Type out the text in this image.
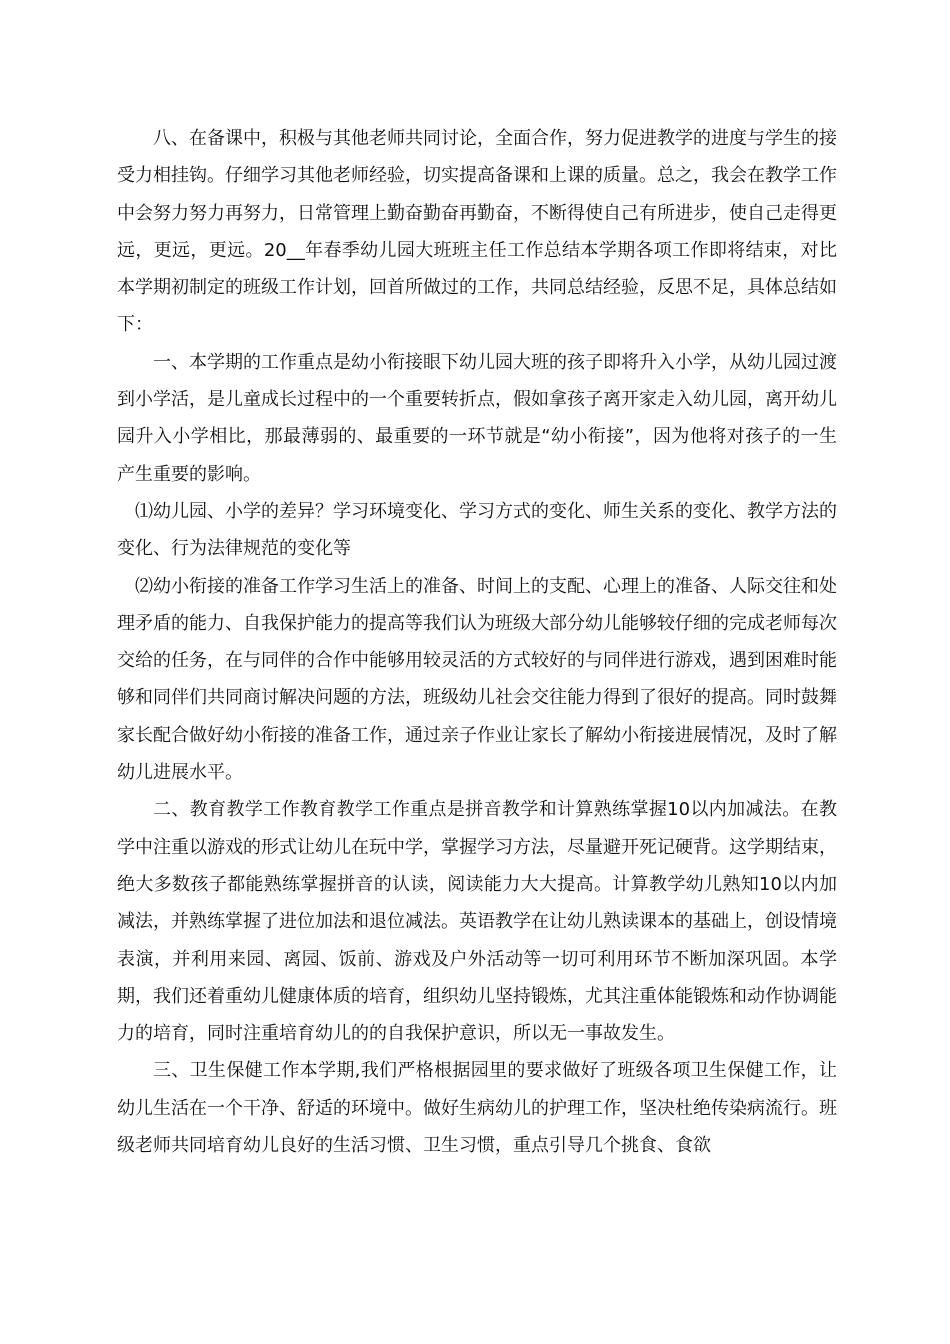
八、在备课中，积极与其他老师共同讨论，全面合作，努力促进教学的进度与学生的接受力相挂钩。仔细学习其他老师经验，切实提高备课和上课的质量。总之，我会在教学工作中会努力努力再努力，日常管理上勤奋勤奋再勤奋，不断得使自己有所进步，使自己走得更远，更远，更远。20__年春季幼儿园大班班主任工作总结本学期各项工作即将结束，对比本学期初制定的班级工作计划，回首所做过的工作，共同总结经验，反思不足，具体总结如下：

一、本学期的工作重点是幼小衔接眼下幼儿园大班的孩子即将升入小学，从幼儿园过渡到小学活，是儿童成长过程中的一个重要转折点，假如拿孩子离开家走入幼儿园，离开幼儿园升入小学相比，那最薄弱的、最重要的一环节就是“幼小衔接”，因为他将对孩子的一生产生重要的影响。

⑴幼儿园、小学的差异？学习环境变化、学习方式的变化、师生关系的变化、教学方法的变化、行为法律规范的变化等

⑵幼小衔接的准备工作学习生活上的准备、时间上的支配、心理上的准备、人际交往和处理矛盾的能力、自我保护能力的提高等我们认为班级大部分幼儿能够较仔细的完成老师每次交给的任务，在与同伴的合作中能够用较灵活的方式较好的与同伴进行游戏，遇到困难时能够和同伴们共同商讨解决问题的方法，班级幼儿社会交往能力得到了很好的提高。同时鼓舞家长配合做好幼小衔接的准备工作，通过亲子作业让家长了解幼小衔接进展情况，及时了解幼儿进展水平。

二、教育教学工作教育教学工作重点是拼音教学和计算熟练掌握10以内加减法。在教学中注重以游戏的形式让幼儿在玩中学，掌握学习方法，尽量避开死记硬背。这学期结束，绝大多数孩子都能熟练掌握拼音的认读，阅读能力大大提高。计算教学幼儿熟知10以内加减法，并熟练掌握了进位加法和退位减法。英语教学在让幼儿熟读课本的基础上，创设情境表演，并利用来园、离园、饭前、游戏及户外活动等一切可利用环节不断加深巩固。本学期，我们还着重幼儿健康体质的培育，组织幼儿坚持锻炼，尤其注重体能锻炼和动作协调能力的培育，同时注重培育幼儿的的自我保护意识，所以无一事故发生。

三、卫生保健工作本学期,我们严格根据园里的要求做好了班级各项卫生保健工作，让幼儿生活在一个干净、舒适的环境中。做好生病幼儿的护理工作，坚决杜绝传染病流行。班级老师共同培育幼儿良好的生活习惯、卫生习惯，重点引导几个挑食、食欲
